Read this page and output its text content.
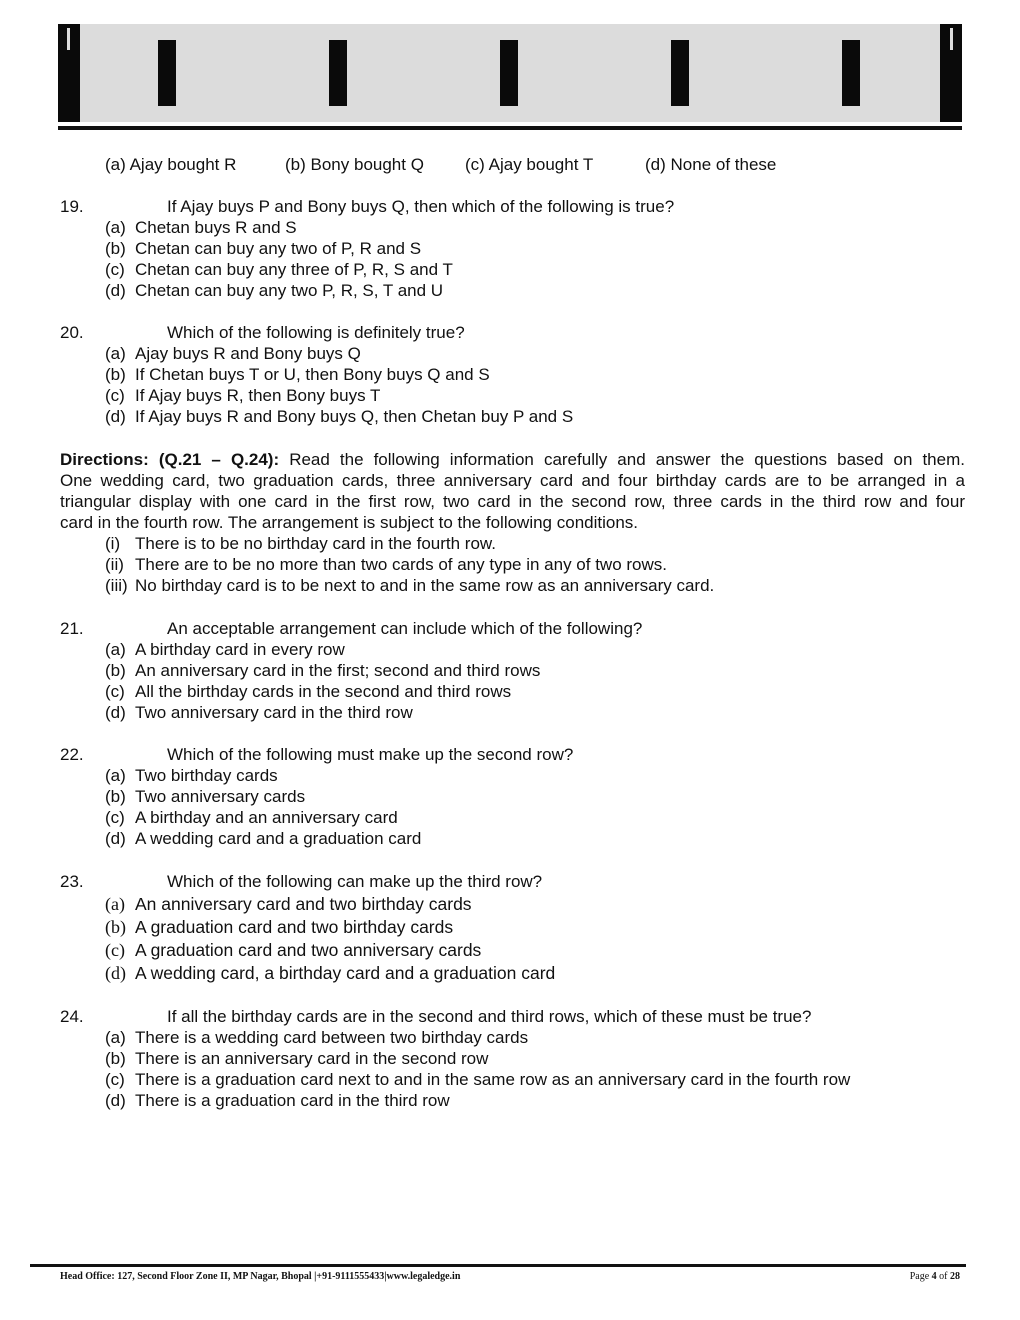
(a) Ajay bought R	(b) Bony bought Q (c) Ajay bought T	(d) None of these
19.	If Ajay buys P and Bony buys Q, then which of the following is true?
(a) Chetan buys R and S
(b) Chetan can buy any two of P, R and S
(c) Chetan can buy any three of P, R, S and T
(d) Chetan can buy any two P, R, S, T and U
20.	Which of the following is definitely true?
(a) Ajay buys R and Bony buys Q
(b) If Chetan buys T or U, then Bony buys Q and S
(c) If Ajay buys R, then Bony buys T
(d) If Ajay buys R and Bony buys Q, then Chetan buy P and S
Directions: (Q.21 – Q.24): Read the following information carefully and answer the questions based on them.
One wedding card, two graduation cards, three anniversary card and four birthday cards are to be arranged in a
triangular display with one card in the first row, two card in the second row, three cards in the third row and four
card in the fourth row. The arrangement is subject to the following conditions.
(i) There is to be no birthday card in the fourth row.
(ii) There are to be no more than two cards of any type in any of two rows.
(iii) No birthday card is to be next to and in the same row as an anniversary card.
21.	An acceptable arrangement can include which of the following?
(a) A birthday card in every row
(b) An anniversary card in the first; second and third rows
(c) All the birthday cards in the second and third rows
(d) Two anniversary card in the third row
22.	Which of the following must make up the second row?
(a) Two birthday cards
(b) Two anniversary cards
(c) A birthday and an anniversary card
(d) A wedding card and a graduation card
23.	Which of the following can make up the third row?
(a) An anniversary card and two birthday cards
(b) A graduation card and two birthday cards
(c) A graduation card and two anniversary cards
(d) A wedding card, a birthday card and a graduation card
24.	If all the birthday cards are in the second and third rows, which of these must be true?
(a) There is a wedding card between two birthday cards
(b) There is an anniversary card in the second row
(c) There is a graduation card next to and in the same row as an anniversary card in the fourth row
(d) There is a graduation card in the third row
Head Office: 127, Second Floor Zone II, MP Nagar, Bhopal |+91-9111555433|www.legaledge.in	Page 4 of 28
